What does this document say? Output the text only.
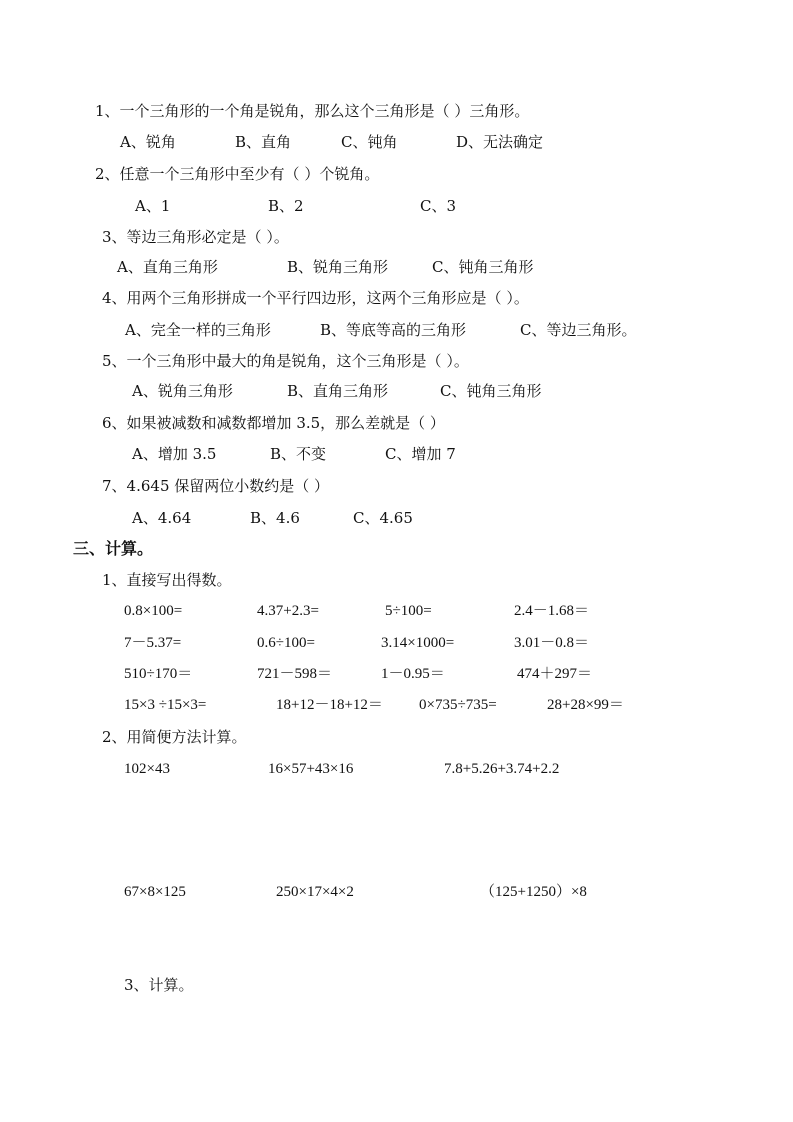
1、一个三角形的一个角是锐角，那么这个三角形是（ ）三角形。
A、锐角	B、直角	C、钝角	D、无法确定
2、任意一个三角形中至少有（ ）个锐角。
A、1	B、2	C、3
3、等边三角形必定是（ ）。
A、直角三角形	B、锐角三角形	C、钝角三角形
4、用两个三角形拼成一个平行四边形，这两个三角形应是（ ）。
A、完全一样的三角形	B、等底等高的三角形	C、等边三角形。
5、一个三角形中最大的角是锐角，这个三角形是（ ）。
A、锐角三角形	B、直角三角形	C、钝角三角形
6、如果被减数和减数都增加 3.5，那么差就是（ ）
A、增加 3.5	B、不变	C、增加 7
7、4.645 保留两位小数约是（ ）
A、4.64	B、4.6	C、4.65
三、计算。
1、直接写出得数。
0.8×100=	4.37+2.3=	5÷100=	2.4－1.68＝
7－5.37=	0.6÷100=	3.14×1000=	3.01－0.8＝
510÷170＝	721－598＝	1－0.95＝	474＋297＝
15×3 ÷15×3=	18+12－18+12＝ 0×735÷735=	28+28×99＝
2、用简便方法计算。
102×43	16×57+43×16	7.8+5.26+3.74+2.2
67×8×125	250×17×4×2	（125+1250）×8
3、计算。
